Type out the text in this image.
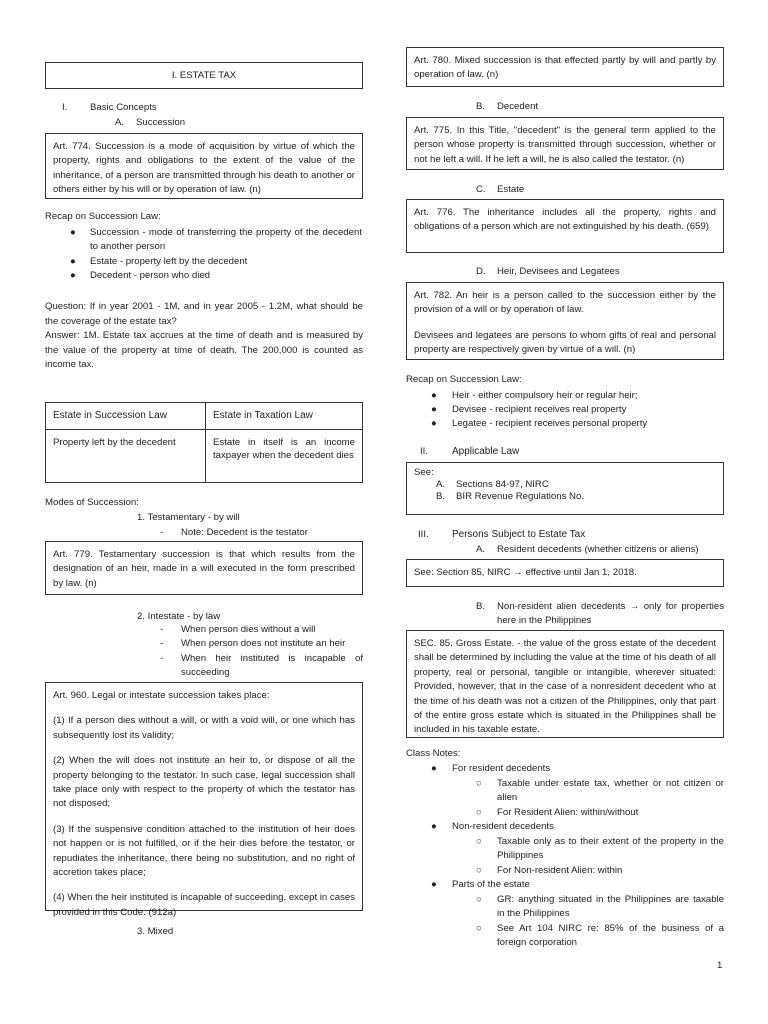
I. ESTATE TAX
I. Basic Concepts
A. Succession

Art. 774. Succession is a mode of acquisition by virtue of which the property, rights and obligations to the extent of the value of the inheritance, of a person are transmitted through his death to another or others either by his will or by operation of law. (n)

Recap on Succession Law:
● Succession - mode of transferring the property of the decedent to another person
● Estate - property left by the decedent
● Decedent - person who died
Question: If in year 2001 - 1M, and in year 2005 - 1.2M, what should be the coverage of the estate tax?
Answer: 1M. Estate tax accrues at the time of death and is measured by the value of the property at time of death. The 200,000 is counted as income tax.
Estate in Succession Law	Estate in Taxation Law
Property left by the decedent	Estate in itself is an income taxpayer when the decedent dies
Modes of Succession:
1. Testamentary - by will
- Note: Decedent is the testator

Art. 779. Testamentary succession is that which results from the designation of an heir, made in a will executed in the form prescribed by law. (n)

2. Intestate - by law
- When person dies without a will
- When person does not institute an heir
- When heir instituted is incapable of succeeding

Art. 960. Legal or intestate succession takes place:

(1) If a person dies without a will, or with a void will, or one which has subsequently lost its validity;

(2) When the will does not institute an heir to, or dispose of all the property belonging to the testator. In such case, legal succession shall take place only with respect to the property of which the testator has not disposed;

(3) If the suspensive condition attached to the institution of heir does not happen or is not fulfilled, or if the heir dies before the testator, or repudiates the inheritance, there being no substitution, and no right of accretion takes place;

(4) When the heir instituted is incapable of succeeding, except in cases provided in this Code. (912a)

3. Mixed

Art. 780. Mixed succession is that effected partly by will and partly by operation of law. (n)

B. Decedent

Art. 775. In this Title, "decedent" is the general term applied to the person whose property is transmitted through succession, whether or not he left a will. If he left a will, he is also called the testator. (n)

C. Estate

Art. 776. The inheritance includes all the property, rights and obligations of a person which are not extinguished by his death. (659)

D. Heir, Devisees and Legatees

Art. 782. An heir is a person called to the succession either by the provision of a will or by operation of law.

Devisees and legatees are persons to whom gifts of real and personal property are respectively given by virtue of a will. (n)

Recap on Succession Law:
● Heir - either compulsory heir or regular heir;
● Devisee - recipient receives real property
● Legatee - recipient receives personal property
II. Applicable Law
See:
A. Sections 84-97, NIRC
B. BIR Revenue Regulations No.
III. Persons Subject to Estate Tax
A. Resident decedents (whether citizens or aliens)

See: Section 85, NIRC → effective until Jan 1, 2018.

B. Non-resident alien decedents → only for properties here in the Philippines

SEC. 85. Gross Estate. - the value of the gross estate of the decedent shall be determined by including the value at the time of his death of all property, real or personal, tangible or intangible, wherever situated: Provided, however, that in the case of a nonresident decedent who at the time of his death was not a citizen of the Philippines, only that part of the entire gross estate which is situated in the Philippines shall be included in his taxable estate.

Class Notes:
● For resident decedents
○ Taxable under estate tax, whether or not citizen or alien
○ For Resident Alien: within/without
● Non-resident decedents
○ Taxable only as to their extent of the property in the Philippines
○ For Non-resident Alien: within
● Parts of the estate
○ GR: anything situated in the Philippines are taxable in the Philippines
○ See Art 104 NIRC re: 85% of the business of a foreign corporation
1
